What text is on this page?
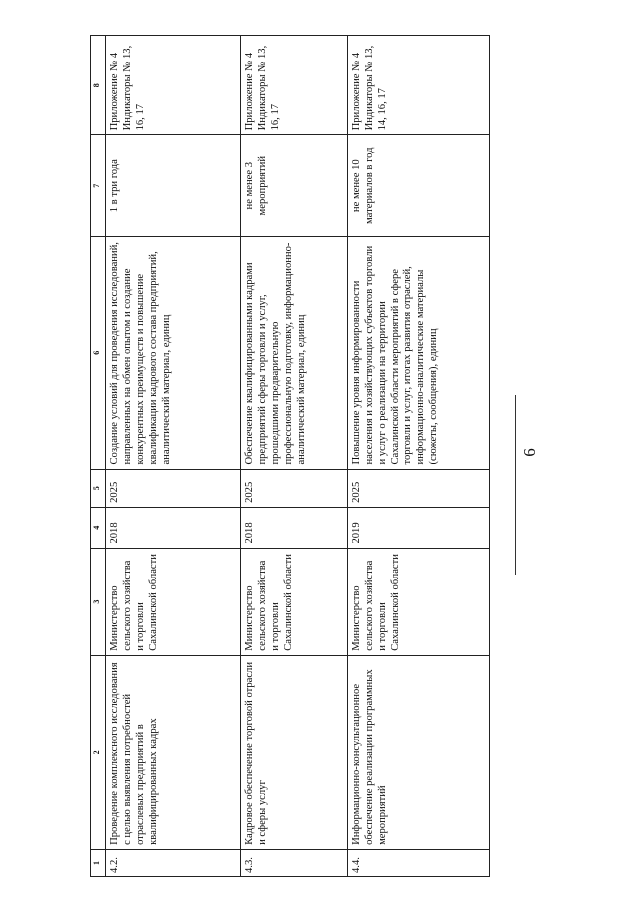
1	2	3	4	5	6	7	8
4.2.	Проведение комплексного исследования с целью выявления потребностей отраслевых предприятий в квалифицированных кадрах	Министерство сельского хозяйства и торговли Сахалинской области	2018	2025	Создание условий для проведения исследований, направленных на обмен опытом и создание конкурентных преимуществ и повышение квалификации кадрового состава предприятий, аналитический материал, единиц	1 в три года	Приложение № 4 Индикаторы № 13, 16, 17
4.3.	Кадровое обеспечение торговой отрасли и сферы услуг	Министерство сельского хозяйства и торговли Сахалинской области	2018	2025	Обеспечение квалифицированными кадрами предприятий сферы торговли и услуг, прошедшими предварительную профессиональную подготовку, информационно-аналитический материал, единиц	не менее 3 мероприятий	Приложение № 4 Индикаторы № 13, 16, 17
4.4.	Информационно-консультационное обеспечение реализации программных мероприятий	Министерство сельского хозяйства и торговли Сахалинской области	2019	2025	Повышение уровня информированности населения и хозяйствующих субъектов торговли и услуг о реализации на территории Сахалинской области мероприятий в сфере торговли и услуг, итогах развития отраслей, информационно-аналитические материалы (сюжеты, сообщения), единиц	не менее 10 материалов в год	Приложение № 4 Индикаторы № 13, 14, 16, 17
6
